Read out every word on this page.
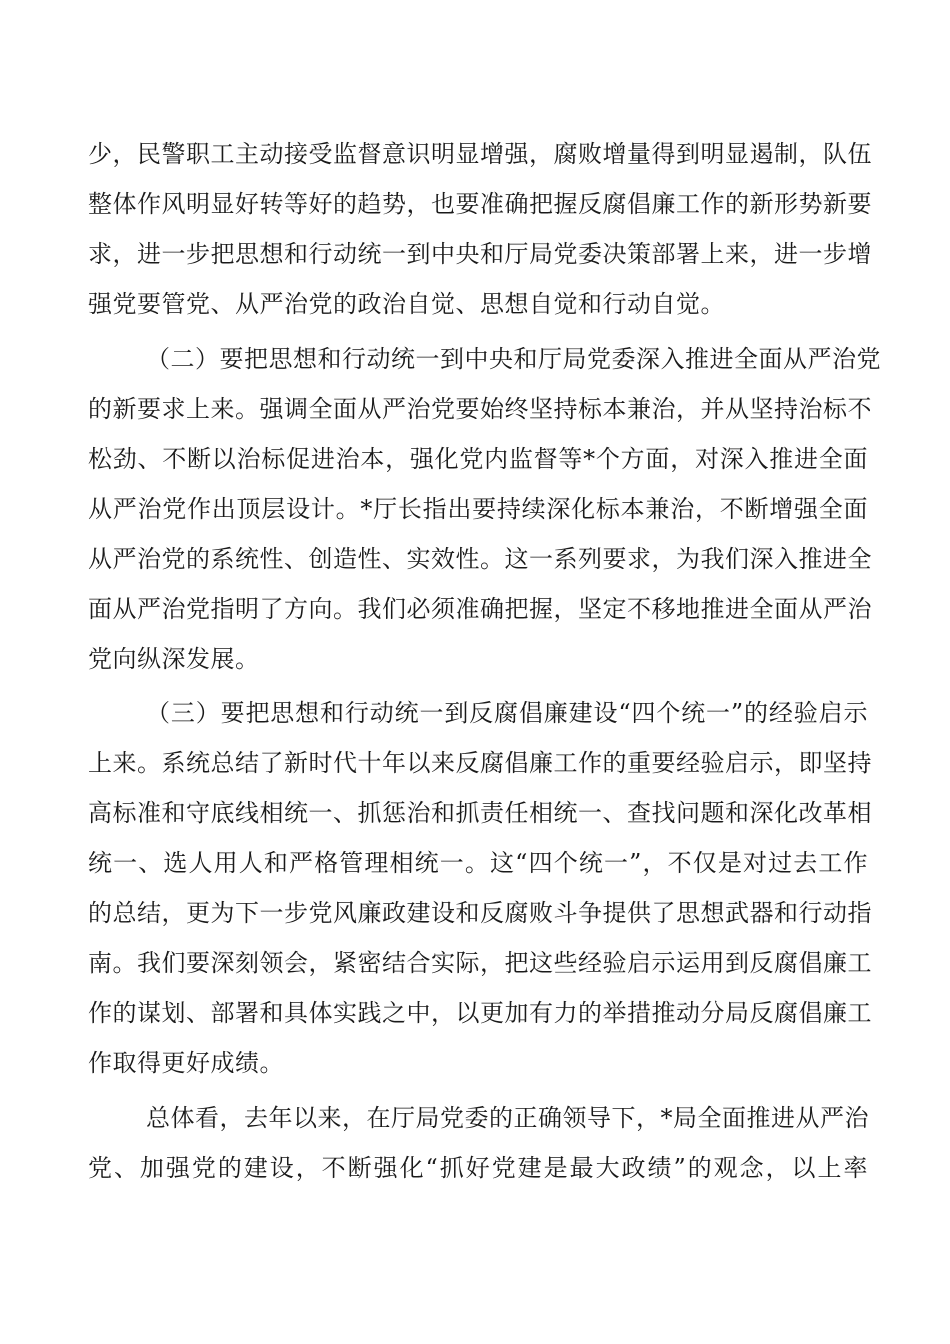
少，民警职工主动接受监督意识明显增强，腐败增量得到明显遏制，队伍

整体作风明显好转等好的趋势，也要准确把握反腐倡廉工作的新形势新要

求，进一步把思想和行动统一到中央和厅局党委决策部署上来，进一步增

强党要管党、从严治党的政治自觉、思想自觉和行动自觉。

（二）要把思想和行动统一到中央和厅局党委深入推进全面从严治党

的新要求上来。强调全面从严治党要始终坚持标本兼治，并从坚持治标不

松劲、不断以治标促进治本，强化党内监督等*个方面，对深入推进全面

从严治党作出顶层设计。*厅长指出要持续深化标本兼治，不断增强全面

从严治党的系统性、创造性、实效性。这一系列要求，为我们深入推进全

面从严治党指明了方向。我们必须准确把握，坚定不移地推进全面从严治

党向纵深发展。

（三）要把思想和行动统一到反腐倡廉建设“四个统一”的经验启示

上来。系统总结了新时代十年以来反腐倡廉工作的重要经验启示，即坚持

高标准和守底线相统一、抓惩治和抓责任相统一、查找问题和深化改革相

统一、选人用人和严格管理相统一。这“四个统一”，不仅是对过去工作

的总结，更为下一步党风廉政建设和反腐败斗争提供了思想武器和行动指

南。我们要深刻领会，紧密结合实际，把这些经验启示运用到反腐倡廉工

作的谋划、部署和具体实践之中，以更加有力的举措推动分局反腐倡廉工

作取得更好成绩。

总体看，去年以来，在厅局党委的正确领导下，*局全面推进从严治

党、加强党的建设，不断强化“抓好党建是最大政绩”的观念，以上率
